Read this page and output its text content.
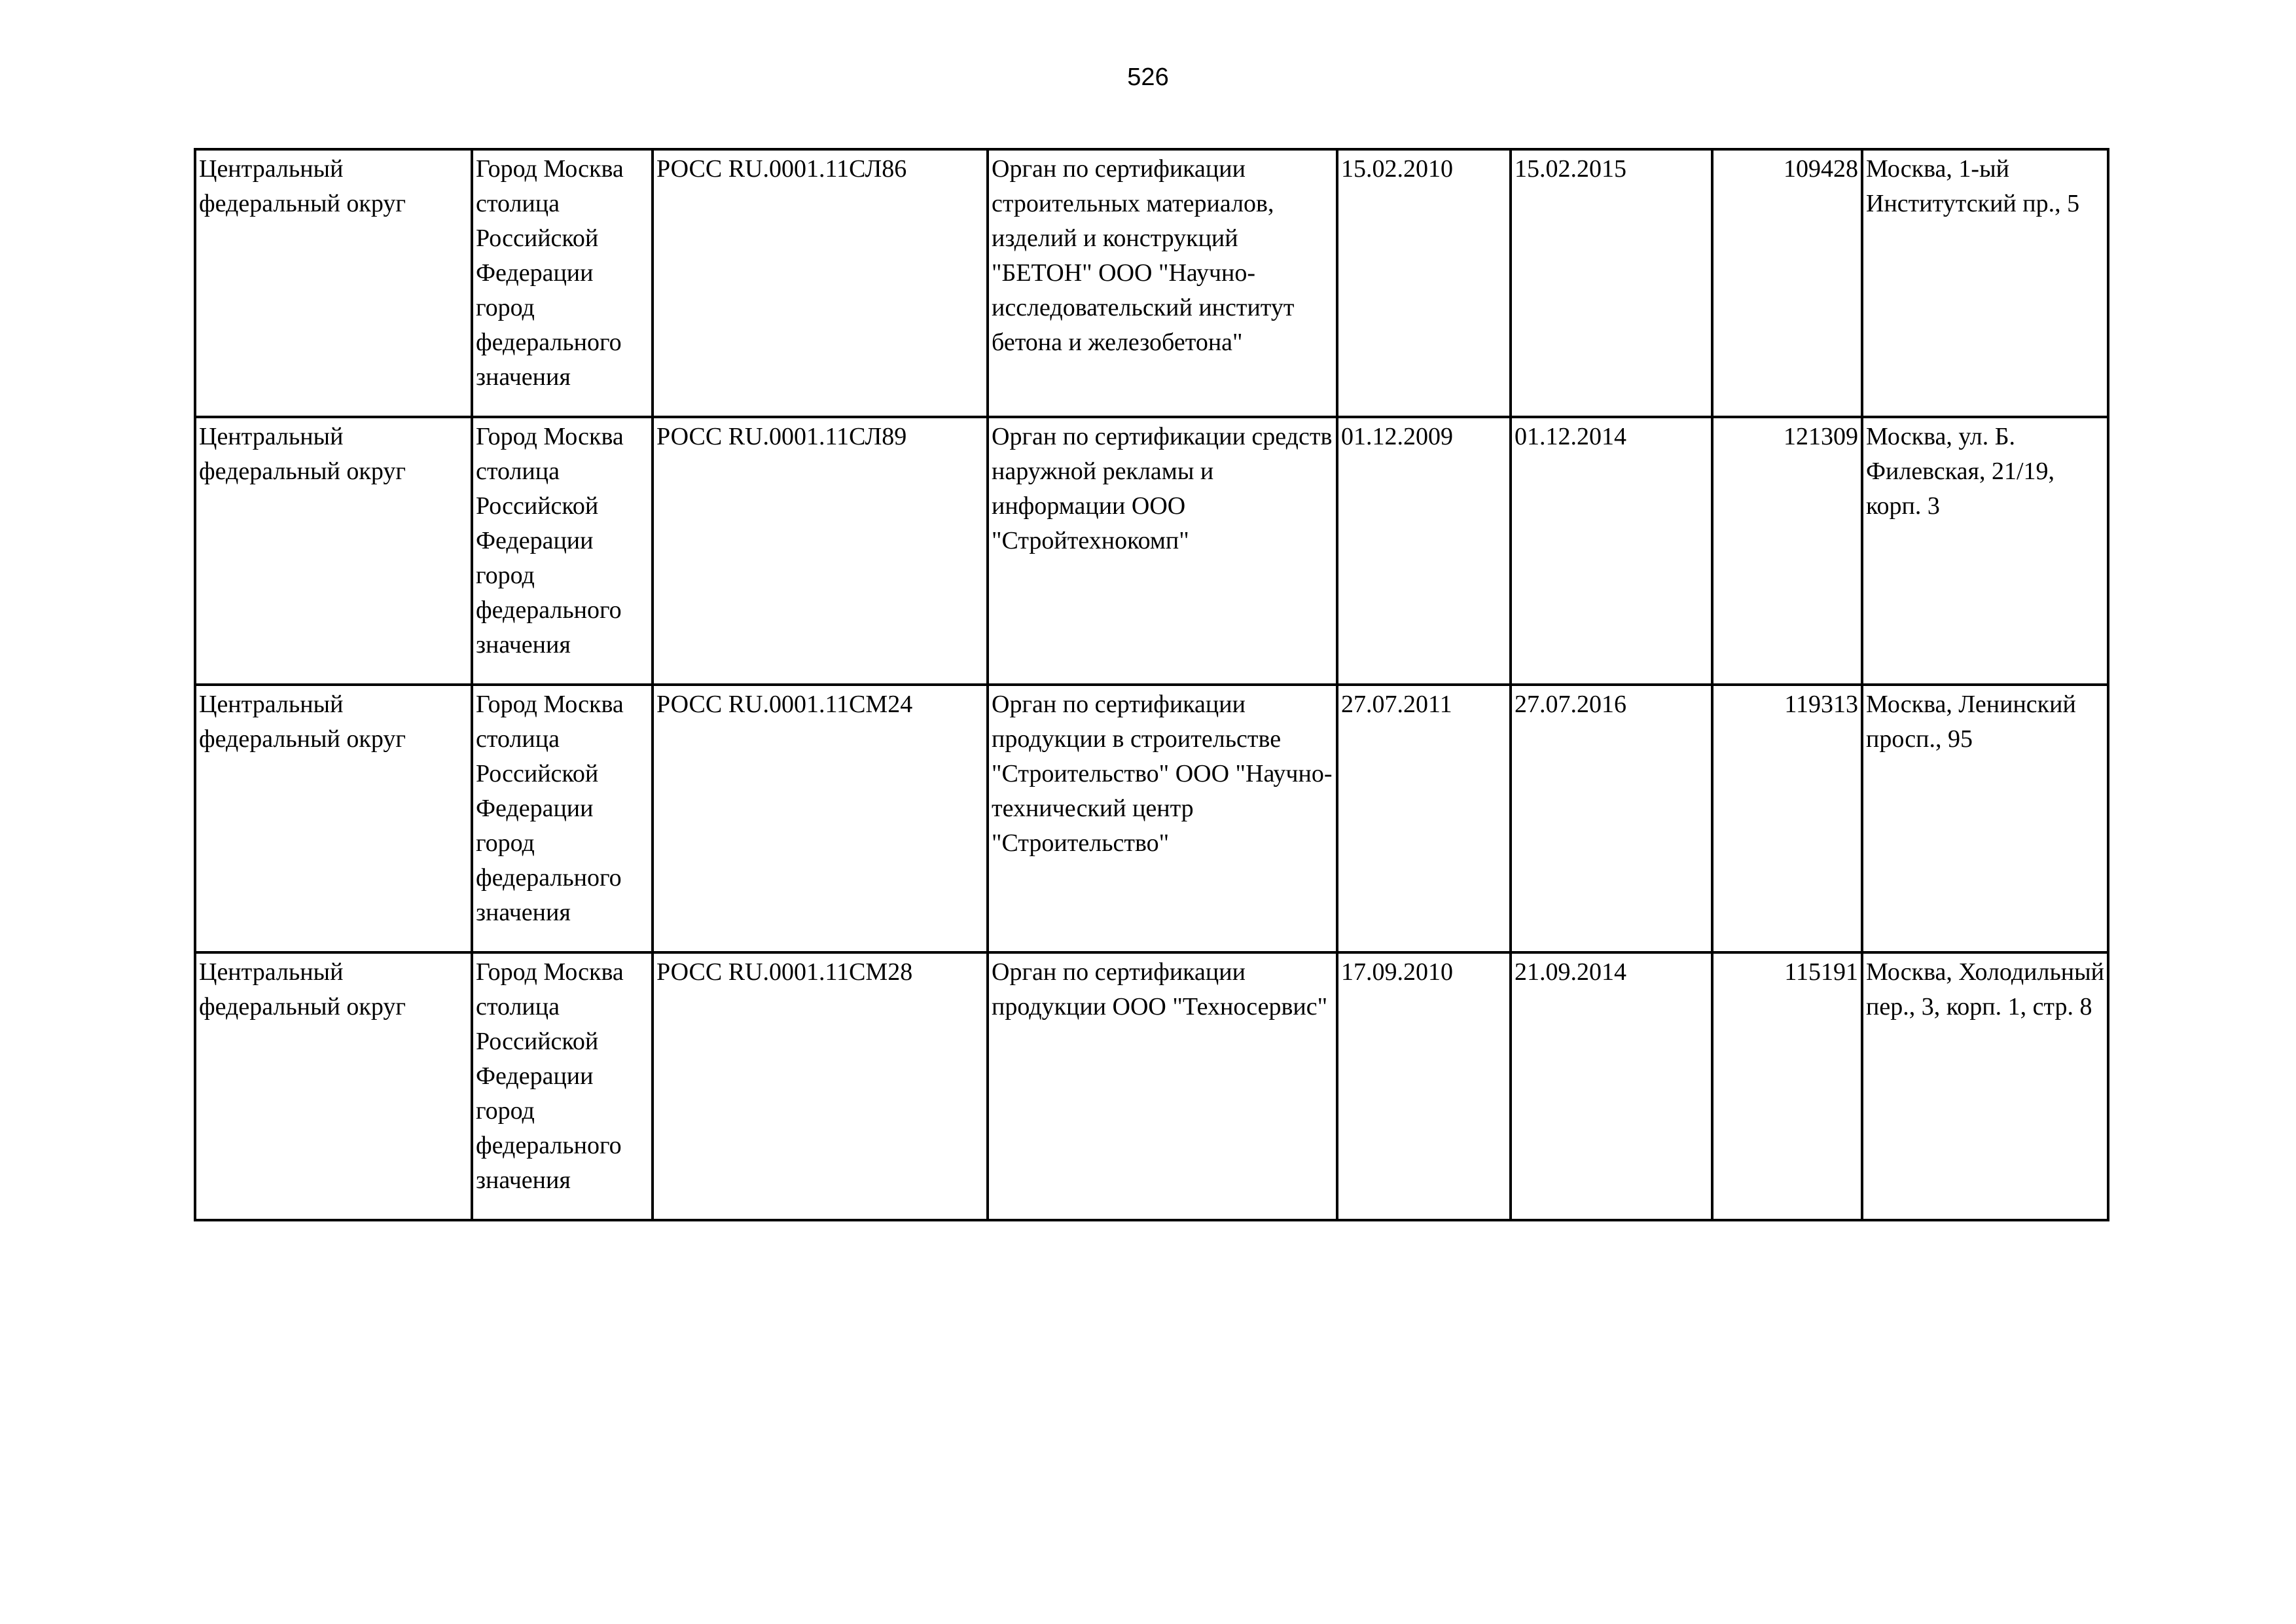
526
Центральный федеральный округ	Город Москва столица Российской Федерации город федерального значения	РОСС RU.0001.11СЛ86	Орган по сертификации строительных материалов, изделий и конструкций "БЕТОН" ООО "Научно-исследовательский институт бетона и железобетона"	15.02.2010	15.02.2015	109428	Москва, 1-ый Институтский пр., 5

Центральный федеральный округ	Город Москва столица Российской Федерации город федерального значения	РОСС RU.0001.11СЛ89	Орган по сертификации средств наружной рекламы и информации ООО "Стройтехнокомп"	01.12.2009	01.12.2014	121309	Москва, ул. Б. Филевская, 21/19, корп. 3

Центральный федеральный округ	Город Москва столица Российской Федерации город федерального значения	РОСС RU.0001.11СМ24	Орган по сертификации продукции в строительстве "Строительство" ООО "Научно-технический центр "Строительство"	27.07.2011	27.07.2016	119313	Москва, Ленинский просп., 95

Центральный федеральный округ	Город Москва столица Российской Федерации город федерального значения	РОСС RU.0001.11СМ28	Орган по сертификации продукции ООО "Техносервис"	17.09.2010	21.09.2014	115191	Москва, Холодильный пер., 3, корп. 1, стр. 8
